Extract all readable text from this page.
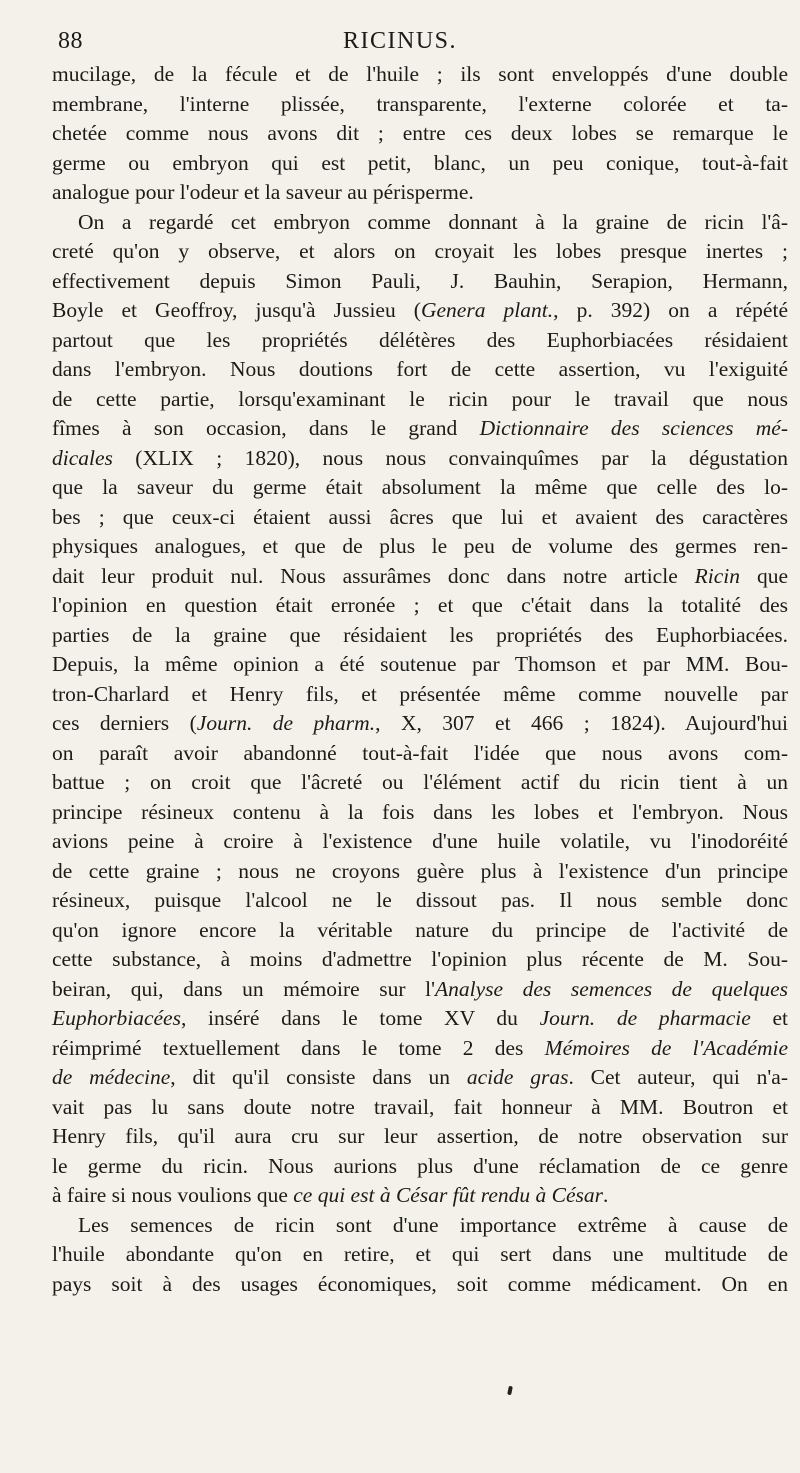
88	RICINUS.
mucilage, de la fécule et de l'huile ; ils sont enveloppés d'une double
membrane, l'interne plissée, transparente, l'externe colorée et ta-
chetée comme nous avons dit ; entre ces deux lobes se remarque le
germe ou embryon qui est petit, blanc, un peu conique, tout-à-fait
analogue pour l'odeur et la saveur au périsperme.
On a regardé cet embryon comme donnant à la graine de ricin l'â-
creté qu'on y observe, et alors on croyait les lobes presque inertes ;
effectivement depuis Simon Pauli, J. Bauhin, Serapion, Hermann,
Boyle et Geoffroy, jusqu'à Jussieu (Genera plant., p. 392) on a répété
partout que les propriétés délétères des Euphorbiacées résidaient
dans l'embryon. Nous doutions fort de cette assertion, vu l'exiguité
de cette partie, lorsqu'examinant le ricin pour le travail que nous
fîmes à son occasion, dans le grand Dictionnaire des sciences mé-
dicales (XLIX ; 1820), nous nous convainquîmes par la dégustation
que la saveur du germe était absolument la même que celle des lo-
bes ; que ceux-ci étaient aussi âcres que lui et avaient des caractères
physiques analogues, et que de plus le peu de volume des germes ren-
dait leur produit nul. Nous assurâmes donc dans notre article Ricin que
l'opinion en question était erronée ; et que c'était dans la totalité des
parties de la graine que résidaient les propriétés des Euphorbiacées.
Depuis, la même opinion a été soutenue par Thomson et par MM. Bou-
tron-Charlard et Henry fils, et présentée même comme nouvelle par
ces derniers (Journ. de pharm., X, 307 et 466 ; 1824). Aujourd'hui
on paraît avoir abandonné tout-à-fait l'idée que nous avons com-
battue ; on croit que l'âcreté ou l'élément actif du ricin tient à un
principe résineux contenu à la fois dans les lobes et l'embryon. Nous
avions peine à croire à l'existence d'une huile volatile, vu l'inodoréité
de cette graine ; nous ne croyons guère plus à l'existence d'un principe
résineux, puisque l'alcool ne le dissout pas. Il nous semble donc
qu'on ignore encore la véritable nature du principe de l'activité de
cette substance, à moins d'admettre l'opinion plus récente de M. Sou-
beiran, qui, dans un mémoire sur l'Analyse des semences de quelques
Euphorbiacées, inséré dans le tome XV du Journ. de pharmacie et
réimprimé textuellement dans le tome 2 des Mémoires de l'Académie
de médecine, dit qu'il consiste dans un acide gras. Cet auteur, qui n'a-
vait pas lu sans doute notre travail, fait honneur à MM. Boutron et
Henry fils, qu'il aura cru sur leur assertion, de notre observation sur
le germe du ricin. Nous aurions plus d'une réclamation de ce genre
à faire si nous voulions que ce qui est à César fût rendu à César.
Les semences de ricin sont d'une importance extrême à cause de
l'huile abondante qu'on en retire, et qui sert dans une multitude de
pays soit à des usages économiques, soit comme médicament. On en
